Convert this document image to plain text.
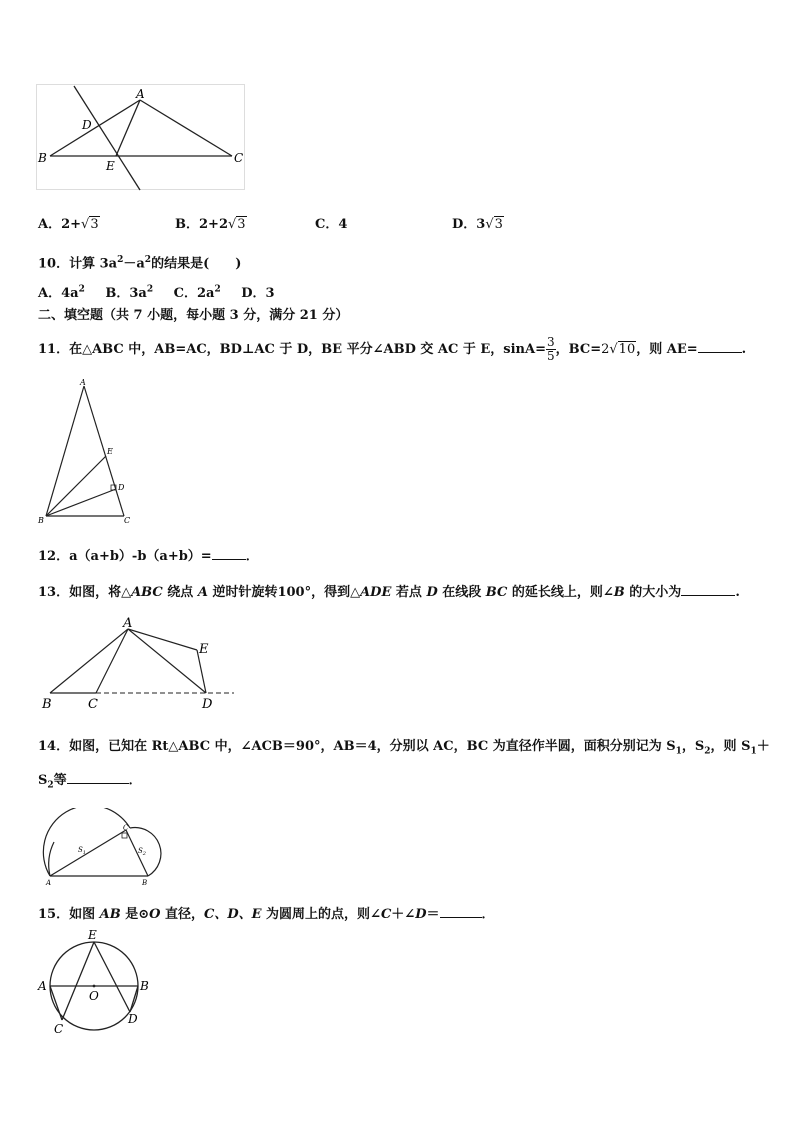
A
D
B
E
C
A．2+√3	B．2+2√3	C．4	D．3√3
10．计算 $3a^2-a^2$的结果是(　　)
A．$4a^2$ B．$3a^2$ C．$2a^2$ D．3
二、填空题（共 7 小题，每小题 3 分，满分 21 分）
11．在△ABC 中，AB=AC，BD⊥AC 于 D，BE 平分∠ABD 交 AC 于 E，$\sin A= \frac{3}{5}$ ，BC=2√10，则 AE=	.
A
E
D
B	C
12．a（a+b）-b（a+b）=	．
13．如图，将△ABC 绕点 A 逆时针旋转100°，得到△ADE 若点 D 在线段 BC 的延长线上，则∠B 的大小为	.
A
E
B	C	D
14．如图，已知在 Rt△ABC 中，∠ACB＝90°，AB＝4，分别以 AC，BC 为直径作半圆，面积分别记为 $S_1$，$S_2$，则 $S_1+$
$S_2$等	．
C
$S_1$	$S_2$
A	B
15．如图 AB 是⊙O 直径，C、D、E 为圆周上的点，则∠C＋∠D＝	．
E
A
O
B
C
D
